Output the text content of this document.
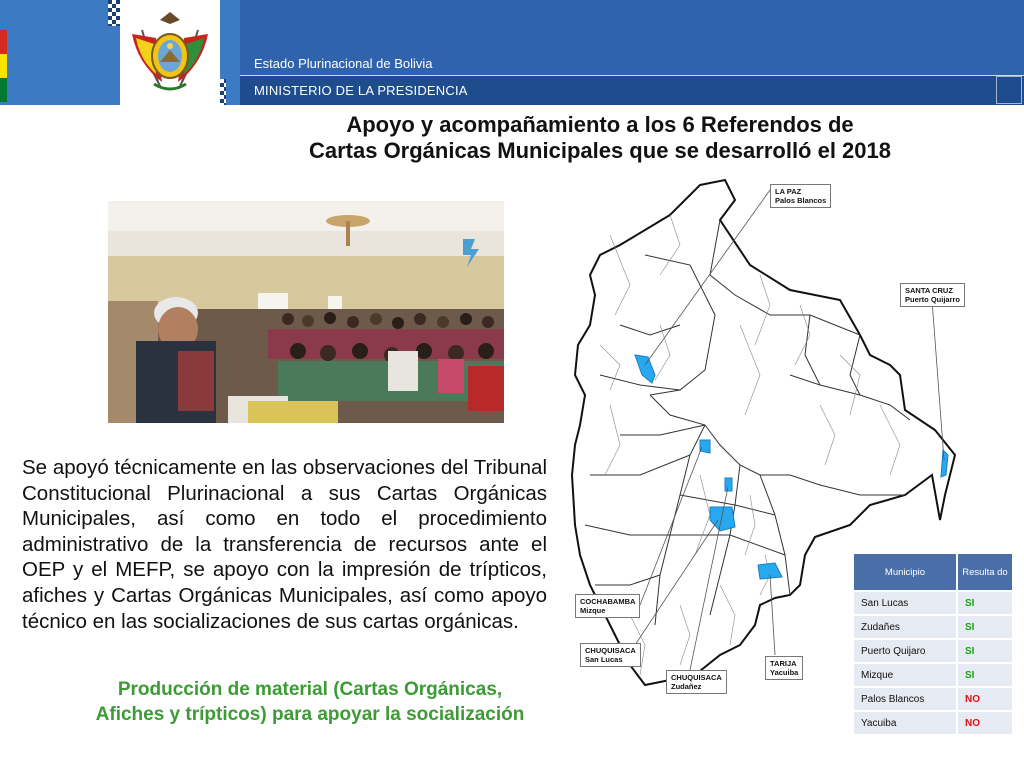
Estado Plurinacional de Bolivia
MINISTERIO DE LA PRESIDENCIA
Apoyo y acompañamiento a los 6 Referendos de
Cartas Orgánicas Municipales que se desarrolló el 2018
Se apoyó técnicamente en las observaciones del Tribunal Constitucional Plurinacional a sus Cartas Orgánicas Municipales, así como en todo el procedimiento administrativo de la transferencia de recursos ante el OEP y el MEFP, se apoyo con la impresión de trípticos, afiches y Cartas Orgánicas Municipales, así como apoyo técnico en las socializaciones de sus cartas orgánicas.
Producción de material (Cartas Orgánicas,
Afiches y trípticos) para apoyar la socialización
LA PAZ
Palos Blancos
SANTA CRUZ
Puerto Quijarro
COCHABAMBA
Mizque
CHUQUISACA
San Lucas
CHUQUISACA
Zudañez
TARIJA
Yacuiba
Municipio	Resulta do
San Lucas	SI
Zudañes	SI
Puerto Quijaro	SI
Mizque	SI
Palos Blancos	NO
Yacuiba	NO
